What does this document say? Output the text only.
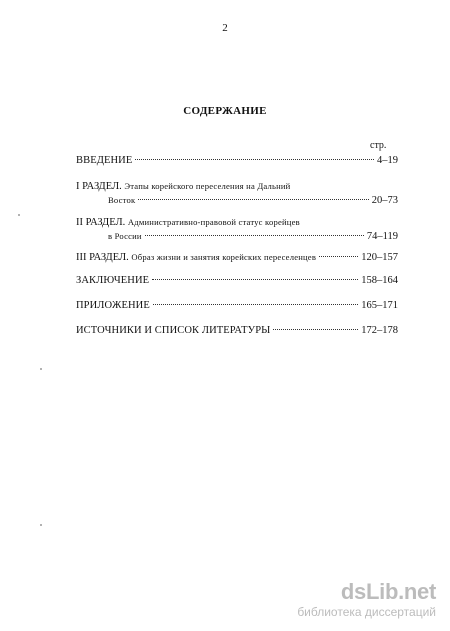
2
СОДЕРЖАНИЕ
стр.
ВВЕДЕНИЕ	4–19
I РАЗДЕЛ.
Этапы корейского переселения на Дальний
Восток	20–73
II РАЗДЕЛ.
Административно-правовой статус корейцев
в России	74–119
III РАЗДЕЛ.
Образ жизни и занятия корейских переселенцев	120–157
ЗАКЛЮЧЕНИЕ	158–164
ПРИЛОЖЕНИЕ	165–171
ИСТОЧНИКИ И СПИСОК ЛИТЕРАТУРЫ	172–178
dsLib.net
библиотека диссертаций
